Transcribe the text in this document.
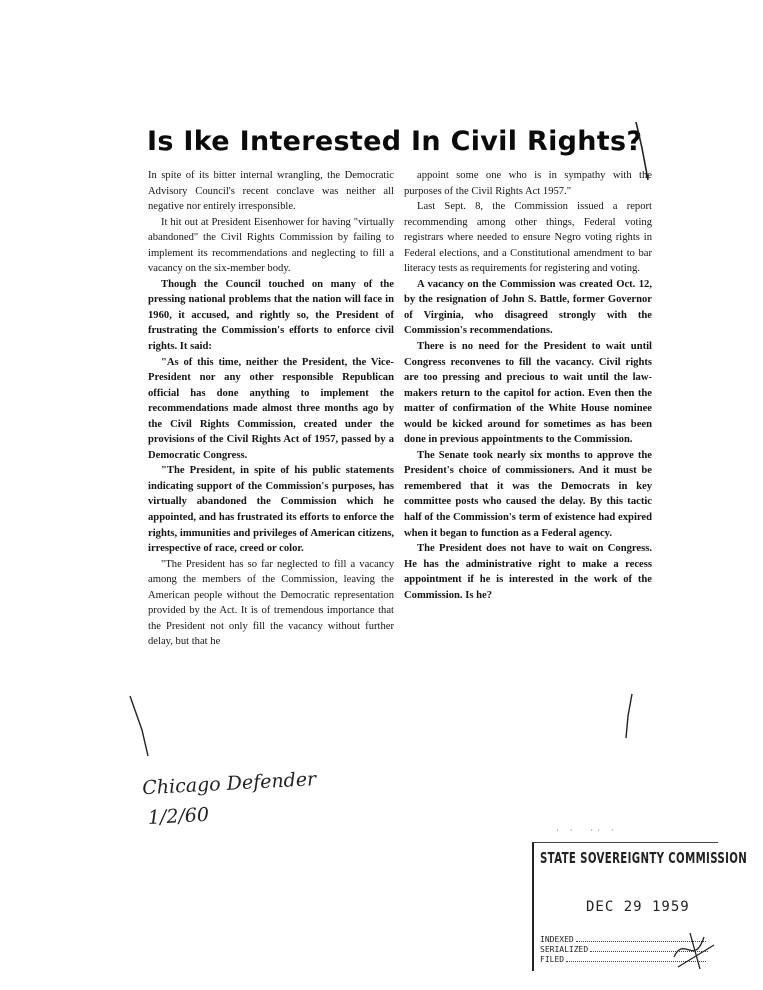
Is Ike Interested In Civil Rights?

In spite of its bitter internal wrangling, the Democratic Advisory Council's recent conclave was neither all negative nor entirely irresponsible.

It hit out at President Eisenhower for having "virtually abandoned" the Civil Rights Commission by failing to implement its recommendations and neglecting to fill a vacancy on the six-member body.

Though the Council touched on many of the pressing national problems that the nation will face in 1960, it accused, and rightly so, the President of frustrating the Commission's efforts to enforce civil rights. It said:

"As of this time, neither the President, the Vice-President nor any other responsible Republican official has done anything to implement the recommendations made almost three months ago by the Civil Rights Commission, created under the provisions of the Civil Rights Act of 1957, passed by a Democratic Congress.

"The President, in spite of his public statements indicating support of the Commission's purposes, has virtually abandoned the Commission which he appointed, and has frustrated its efforts to enforce the rights, immunities and privileges of American citizens, irrespective of race, creed or color.

"The President has so far neglected to fill a vacancy among the members of the Commission, leaving the American people without the Democratic representation provided by the Act. It is of tremendous importance that the President not only fill the vacancy without further delay, but that he

appoint some one who is in sympathy with the purposes of the Civil Rights Act 1957."

Last Sept. 8, the Commission issued a report recommending among other things, Federal voting registrars where needed to ensure Negro voting rights in Federal elections, and a Constitutional amendment to bar literacy tests as requirements for registering and voting.

A vacancy on the Commission was created Oct. 12, by the resignation of John S. Battle, former Governor of Virginia, who disagreed strongly with the Commission's recommendations.

There is no need for the President to wait until Congress reconvenes to fill the vacancy. Civil rights are too pressing and precious to wait until the law-makers return to the capitol for action. Even then the matter of confirmation of the White House nominee would be kicked around for sometimes as has been done in previous appointments to the Commission.

The Senate took nearly six months to approve the President's choice of commissioners. And it must be remembered that it was the Democrats in key committee posts who caused the delay. By this tactic half of the Commission's term of existence had expired when it began to function as a Federal agency.

The President does not have to wait on Congress. He has the administrative right to make a recess appointment if he is interested in the work of the Commission. Is he?

Chicago Defender
1/2/60
· ·  ·· ·
STATE SOVEREIGNTY COMMISSION
DEC 29 1959
INDEXED
SERIALIZED
FILED
